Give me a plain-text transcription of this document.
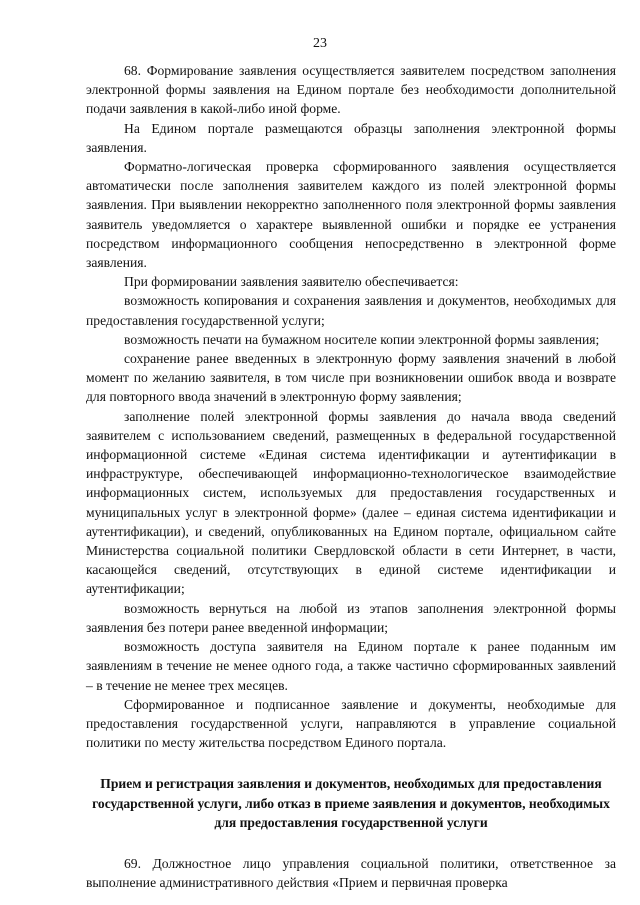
23

68. Формирование заявления осуществляется заявителем посредством заполнения электронной формы заявления на Едином портале без необходимости дополнительной подачи заявления в какой-либо иной форме.

На Едином портале размещаются образцы заполнения электронной формы заявления.

Форматно-логическая проверка сформированного заявления осуществляется автоматически после заполнения заявителем каждого из полей электронной формы заявления. При выявлении некорректно заполненного поля электронной формы заявления заявитель уведомляется о характере выявленной ошибки и порядке ее устранения посредством информационного сообщения непосредственно в электронной форме заявления.

При формировании заявления заявителю обеспечивается:

возможность копирования и сохранения заявления и документов, необходимых для предоставления государственной услуги;

возможность печати на бумажном носителе копии электронной формы заявления;

сохранение ранее введенных в электронную форму заявления значений в любой момент по желанию заявителя, в том числе при возникновении ошибок ввода и возврате для повторного ввода значений в электронную форму заявления;

заполнение полей электронной формы заявления до начала ввода сведений заявителем с использованием сведений, размещенных в федеральной государственной информационной системе «Единая система идентификации и аутентификации в инфраструктуре, обеспечивающей информационно-технологическое взаимодействие информационных систем, используемых для предоставления государственных и муниципальных услуг в электронной форме» (далее – единая система идентификации и аутентификации), и сведений, опубликованных на Едином портале, официальном сайте Министерства социальной политики Свердловской области в сети Интернет, в части, касающейся сведений, отсутствующих в единой системе идентификации и аутентификации;

возможность вернуться на любой из этапов заполнения электронной формы заявления без потери ранее введенной информации;

возможность доступа заявителя на Едином портале к ранее поданным им заявлениям в течение не менее одного года, а также частично сформированных заявлений – в течение не менее трех месяцев.

Сформированное и подписанное заявление и документы, необходимые для предоставления государственной услуги, направляются в управление социальной политики по месту жительства посредством Единого портала.

Прием и регистрация заявления и документов, необходимых для предоставления государственной услуги, либо отказ в приеме заявления и документов, необходимых для предоставления государственной услуги

69. Должностное лицо управления социальной политики, ответственное за выполнение административного действия «Прием и первичная проверка
